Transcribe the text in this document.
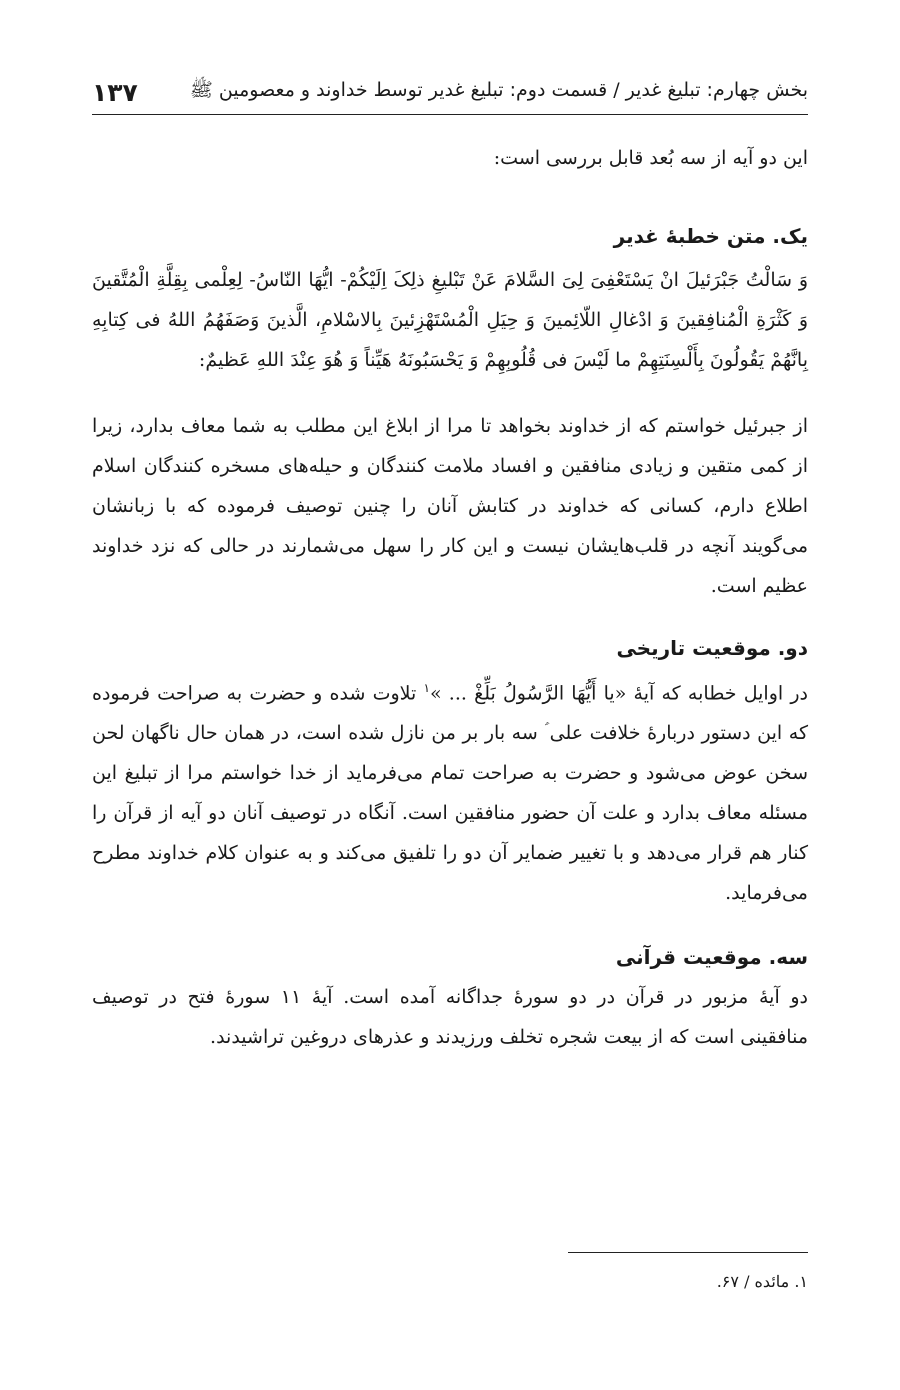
بخش چهارم: تبلیغ غدیر / قسمت دوم: تبلیغ غدیر توسط خداوند و معصومین ﷺ
۱۳۷

این دو آیه از سه بُعد قابل بررسی است:

یک. متن خطبۀ غدیر

وَ سَالْتُ جَبْرَئیلَ انْ یَسْتَعْفِیَ لِیَ السَّلامَ عَنْ تَبْلیغِ ذلِکَ اِلَیْکُمْ- ایُّهَا النّاسُ- لِعِلْمی بِقِلَّةِ الْمُتَّقینَ وَ کَثْرَةِ الْمُنافِقینَ وَ ادْغالِ اللّائِمینَ وَ حِیَلِ الْمُسْتَهْزِئینَ بِالاسْلامِ، الَّذینَ وَصَفَهُمُ اللهُ فی کِتابِهِ بِانَّهُمْ یَقُولُونَ بِأَلْسِنَتِهِمْ ما لَیْسَ فی قُلُوبِهِمْ وَ یَحْسَبُونَهُ هَیِّناً وَ هُوَ عِنْدَ اللهِ عَظیمٌ:

از جبرئیل خواستم که از خداوند بخواهد تا مرا از ابلاغ این مطلب به شما معاف بدارد، زیرا از کمی متقین و زیادی منافقین و افساد ملامت کنندگان و حیله‌های مسخره کنندگان اسلام اطلاع دارم، کسانی که خداوند در کتابش آنان را چنین توصیف فرموده که با زبانشان می‌گویند آنچه در قلب‌هایشان نیست و این کار را سهل می‌شمارند در حالی که نزد خداوند عظیم است.

دو. موقعیت تاریخی

در اوایل خطابه که آیۀ «یا أَیُّهَا الرَّسُولُ بَلِّغْ ... »$^۱$ تلاوت شده و حضرت به صراحت فرموده که این دستور دربارۀ خلافت علی ؑ سه بار بر من نازل شده است، در همان حال ناگهان لحن سخن عوض می‌شود و حضرت به صراحت تمام می‌فرماید از خدا خواستم مرا از تبلیغ این مسئله معاف بدارد و علت آن حضور منافقین است. آنگاه در توصیف آنان دو آیه از قرآن را کنار هم قرار می‌دهد و با تغییر ضمایر آن دو را تلفیق می‌کند و به عنوان کلام خداوند مطرح می‌فرماید.

سه. موقعیت قرآنی

دو آیۀ مزبور در قرآن در دو سورۀ جداگانه آمده است. آیۀ ۱۱ سورۀ فتح در توصیف منافقینی است که از بیعت شجره تخلف ورزیدند و عذرهای دروغین تراشیدند.

۱. مائده / ۶۷.
